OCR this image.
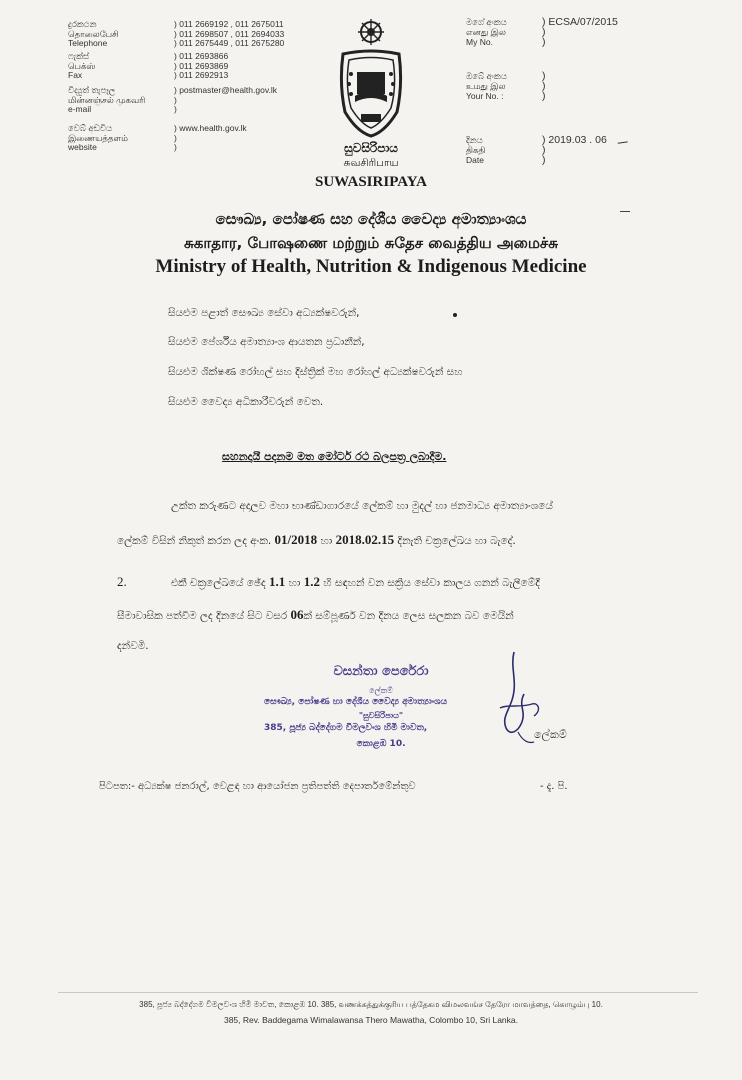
දුරකථන	) 011 2669192 , 011 2675011
தொலைபேசி	) 011 2698507 , 011 2694033
Telephone	) 011 2675449 , 011 2675280
ෆැක්ස්	) 011 2693866
பெக்ஸ்	) 011 2693869
Fax	) 011 2692913
විද්‍යුත් තැපෑල	) postmaster@health.gov.lk
மின்னஞ்சல் முகவரி	)
e-mail	)
වෙබ් අඩවිය	) www.health.gov.lk
இணையத்தளம்	)
website	)	සුවසිරිපාය
சுவசிரிபாய
SUWASIRIPAYA
මගේ අංකය	) ECSA/07/2015
எனது இல	)
My No.	)
ඔබේ අංකය	)
உமது இல	)
Your No. :	)
දිනය	) 2019.03 . 06
திகதி	)
Date	)
සෞඛ්‍ය, පෝෂණ සහ දේශීය වෛද්‍ය අමාත්‍යාංශය
சுகாதார, போஷணை மற்றும் சுதேச வைத்திய அமைச்சு
Ministry of Health, Nutrition & Indigenous Medicine
සියළුම පළාත් සෞඛ්‍ය සේවා අධ්‍යක්ෂවරුන්,
සියළුම පේර්ශීය අමාත්‍යාංශ ආයතන ප්‍රධානීන්,
සියළුම ශික්ෂණ රෝහල් සහ දිස්ත්‍රික් මහ රෝහල් අධ්‍යක්ෂවරුන් සහ
සියළුම වෛද්‍ය අධිකාරීවරුන් වෙත.
සහනදායී පදනම මත මෝටර් රථ බලපත්‍ර ලබාදීම.
උක්ත කරුණට අදාලව මහා භාණ්ඩාගාරයේ ලේකම් හා මුදල් හා ජනමාධ්‍ය අමාත්‍යාංශයේ
ලේකම් විසින් නිකුත් කරන ලද අංක. 01/2018 හා 2018.02.15 දිනැති චක්‍රලේඛය හා බැදේ.
2.	එකී චක්‍රලේඛයේ ඡේද 1.1 හා 1.2 හි සඳහන් වන සක්‍රිය සේවා කාලය ගනන් බැලීමේදී
සීමාවාසික පත්වීම ලද දිනයේ සිට වසර 06ක් සම්පූර්ණ වන දිනය ලෙස සලකන බව මෙයින්
දන්වමි.
වසන්තා පෙරේරා
ලේකම්
සෞඛ්‍ය, පෝෂණ හා දේශීය වෛද්‍ය අමාත්‍යාංශය
"සුවසිරිපාය"
385, පූජ්‍ය බද්දේගම විමලවංශ හිමි මාවත,
කොළඹ 10.
ලේකම්
පිටපත:- අධ්‍යක්ෂ ජනරාල්, වෙළඳ හා ආයෝජන ප්‍රතිපත්ති දෙපාර්තමේන්තුව	- දැ. පි.
385, පූජ්‍ය බද්දේගම විමලවංශ හිමි මාවත, කොළඹ 10. 385, வணக்கத்துக்குரிய பத்தேகம விமலவங்ச தேரோ மாவத்தை, கொழும்பு 10.
385, Rev. Baddegama Wimalawansa Thero Mawatha, Colombo 10, Sri Lanka.
